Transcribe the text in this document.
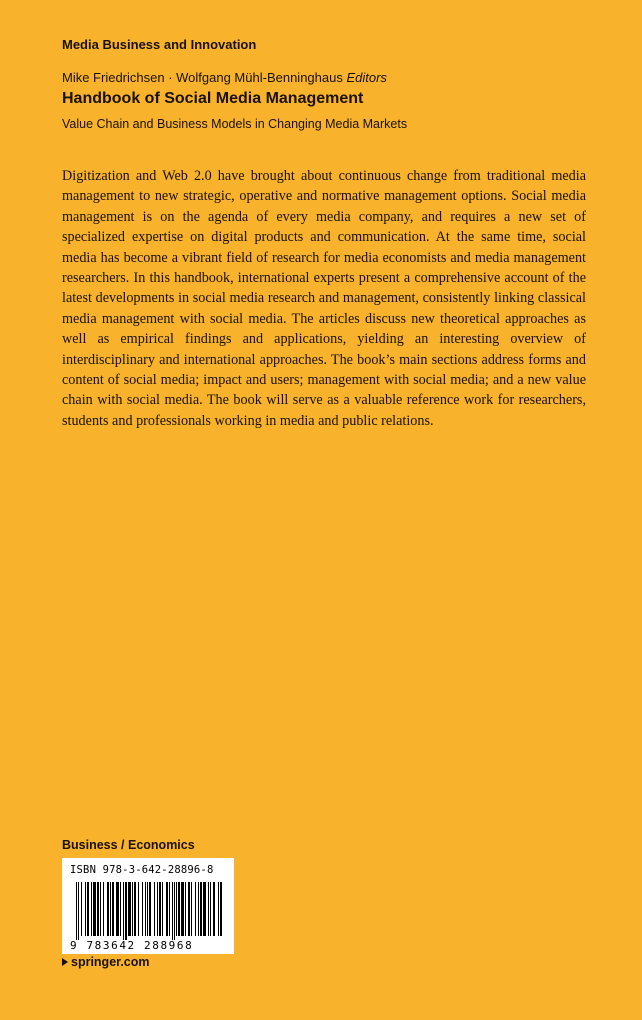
Media Business and Innovation
Mike Friedrichsen · Wolfgang Mühl-Benninghaus Editors
Handbook of Social Media Management
Value Chain and Business Models in Changing Media Markets

Digitization and Web 2.0 have brought about continuous change from traditional media management to new strategic, operative and normative management options. Social media management is on the agenda of every media company, and requires a new set of specialized expertise on digital products and communication. At the same time, social media has become a vibrant field of research for media economists and media management researchers. In this handbook, international experts present a comprehensive account of the latest developments in social media research and management, consistently linking classical media management with social media. The articles discuss new theoretical approaches as well as empirical findings and applications, yielding an interesting overview of interdisciplinary and international approaches. The book’s main sections address forms and content of social media; impact and users; management with social media; and a new value chain with social media. The book will serve as a valuable reference work for researchers, students and professionals working in media and public relations.

Business / Economics
ISBN 978-3-642-28896-8
9 783642 288968
springer.com
